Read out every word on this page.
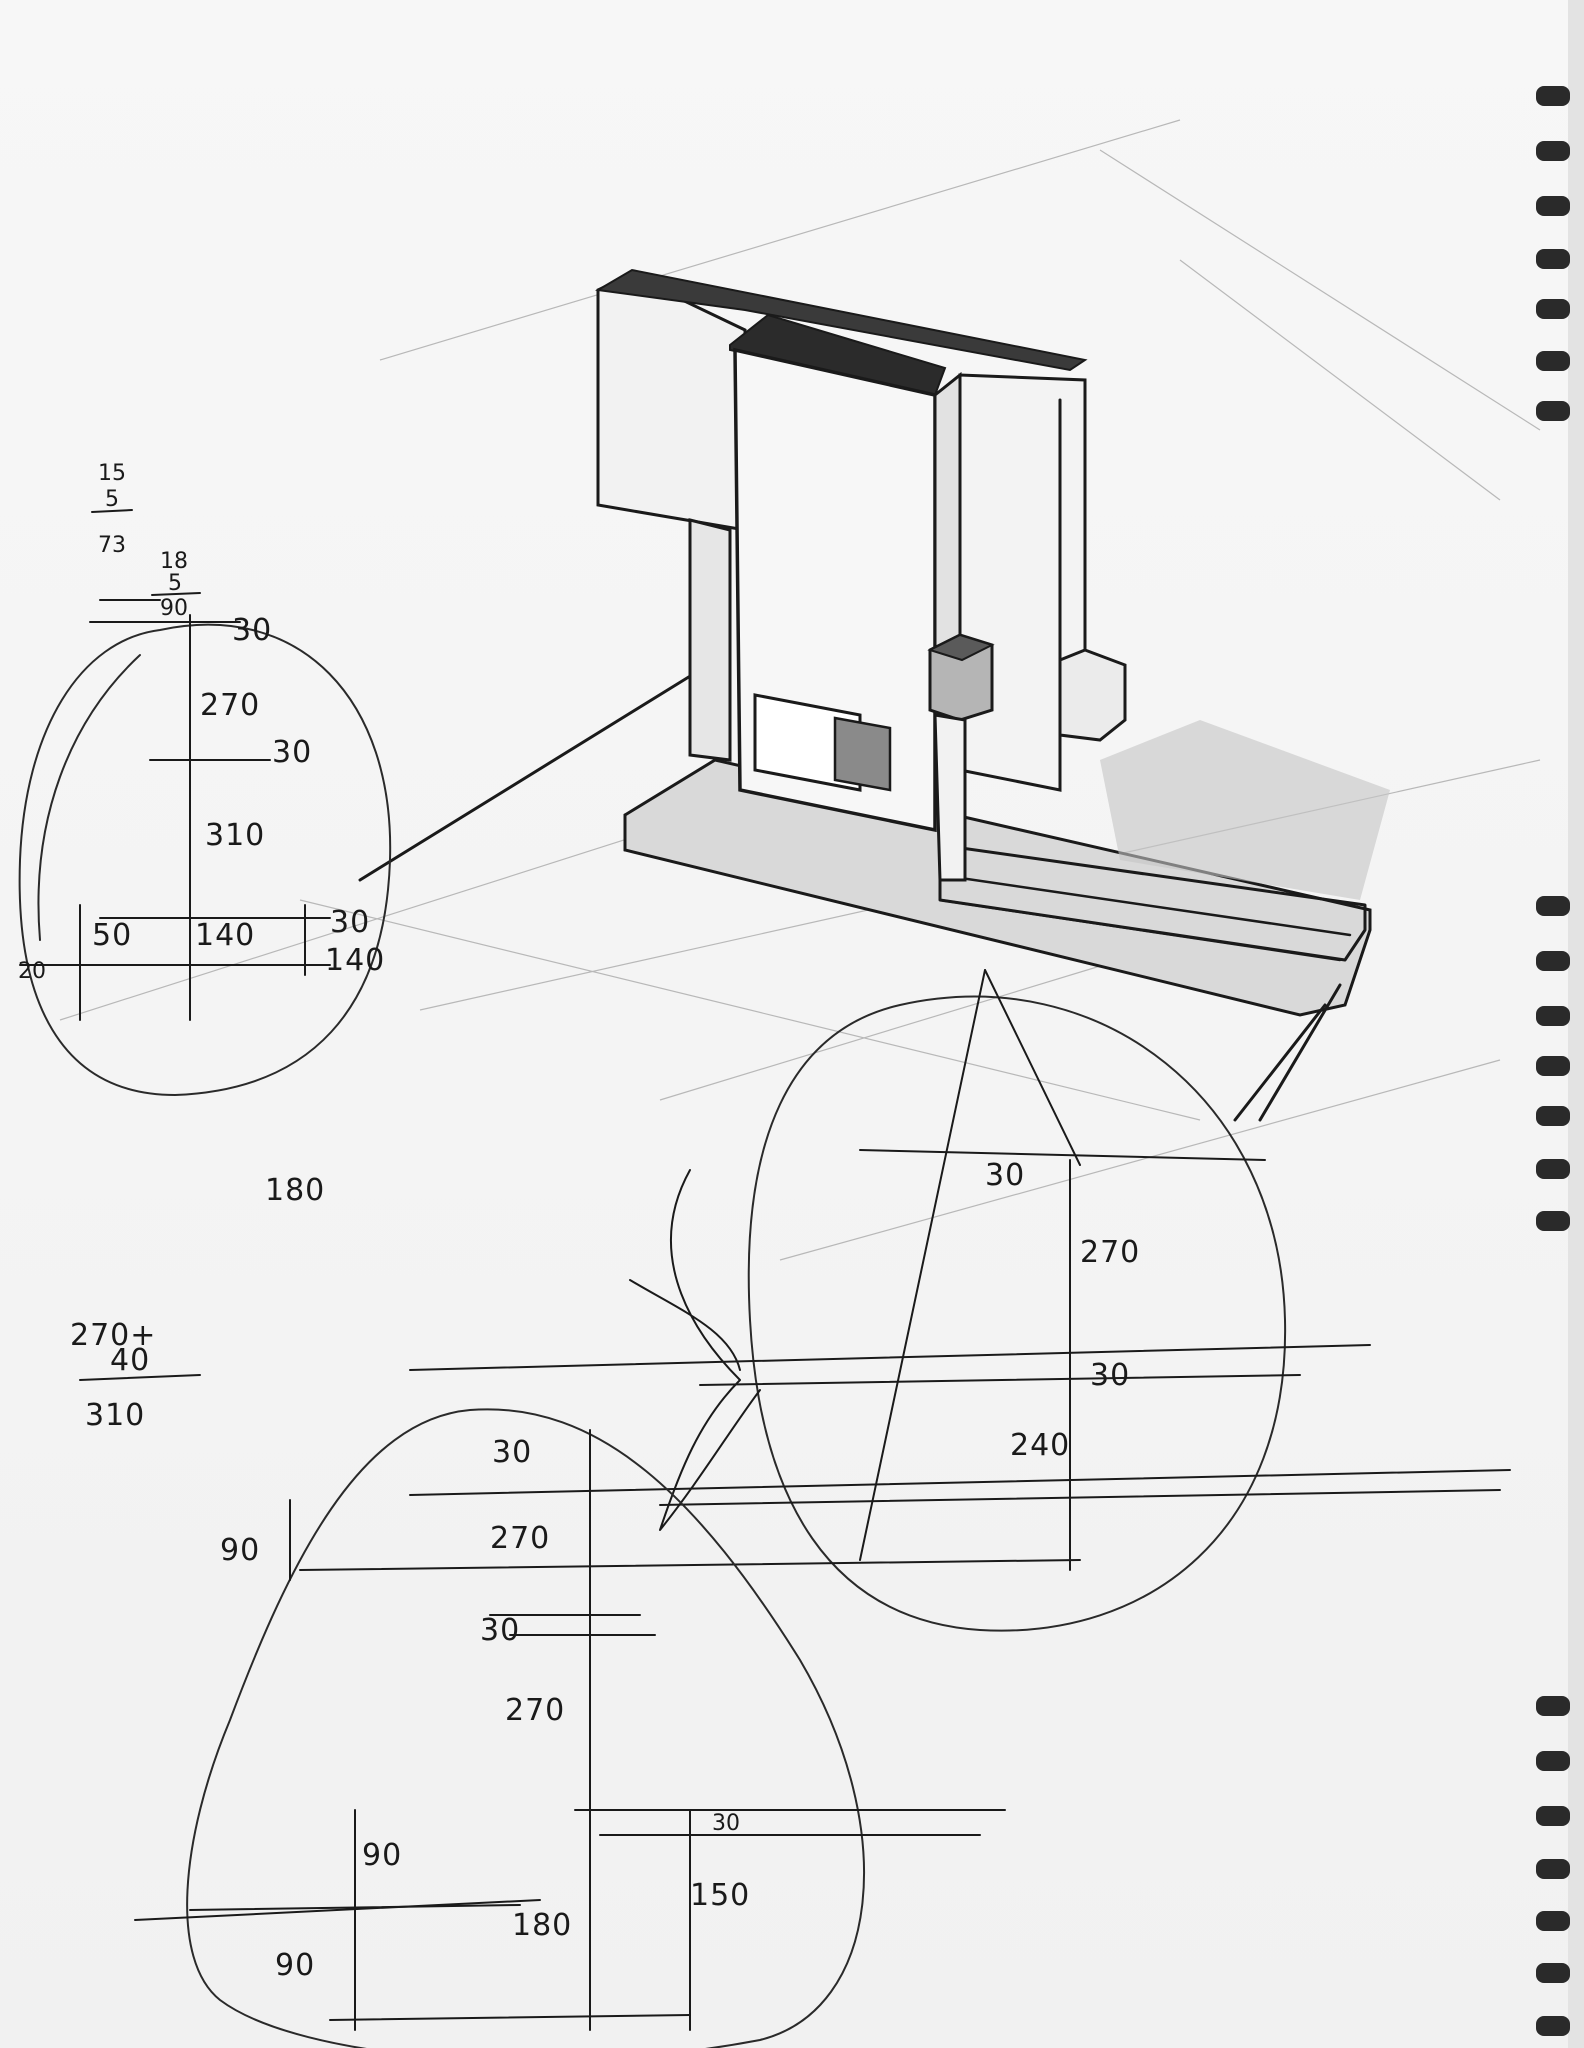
30
270
30
310
50 140 30
140
20
15
5
73
18
5
90
180
270+
40
310
30
270
30
240
30
270
30
270
90
90
180
90
30
150
